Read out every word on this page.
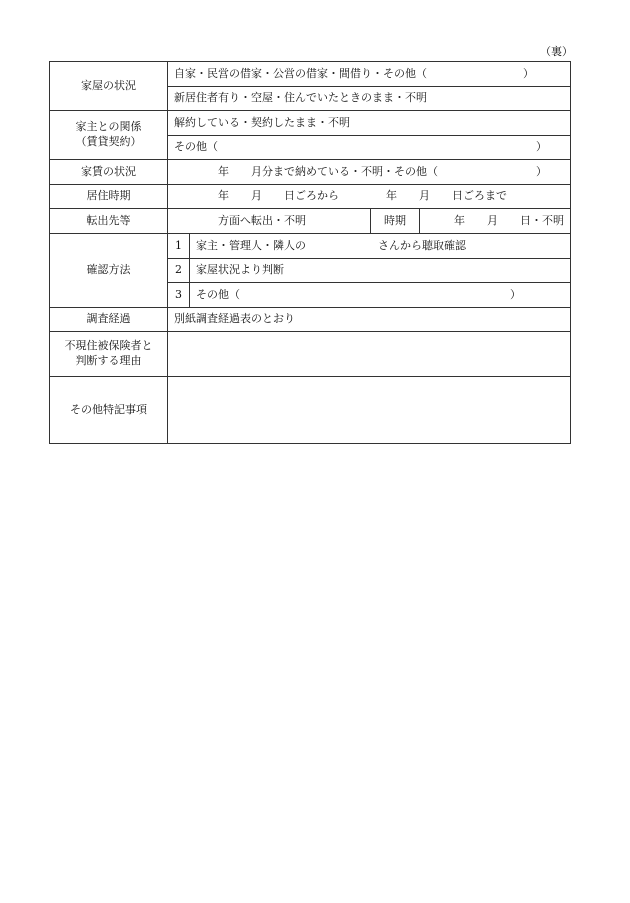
（裏）
家屋の状況	自家・民営の借家・公営の借家・間借り・その他（ ）			
	新居住者有り・空屋・住んでいたときのまま・不明			
家主との関係
（賃貸契約）	解約している・契約したまま・不明			
	その他（ ）			
家賃の状況	年 月分まで納めている・不明・その他（ ）			
居住時期	年 月 日ごろから 年 月 日ごろまで			
転出先等	方面へ転出・不明		時期	年 月 日・不明
確認方法	1	家主・管理人・隣人の さんから聴取確認		
	2	家屋状況より判断		
	3	その他（ ）		
調査経過	別紙調査経過表のとおり			
不現住被保険者と
判断する理由				
その他特記事項				
